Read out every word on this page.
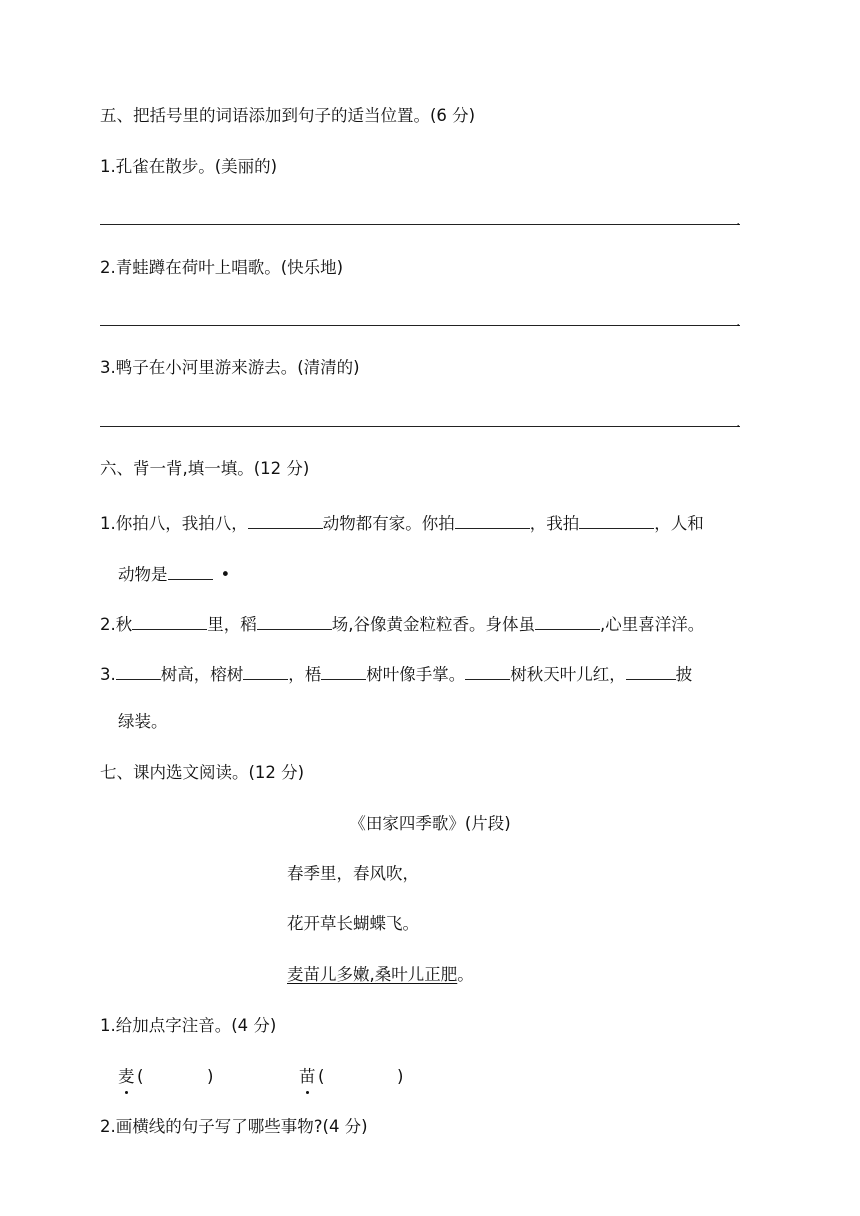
五、把括号里的词语添加到句子的适当位置。(6 分)
1.孔雀在散步。(美丽的)
.
2.青蛙蹲在荷叶上唱歌。(快乐地)
.
3.鸭子在小河里游来游去。(清清的)
.
六、背一背,填一填。(12 分)
1.你拍八，我拍八，	动物都有家。你拍	，我拍	，人和
动物是	•
2.秋	里，稻	场,谷像黄金粒粒香。身体虽	,心里喜洋洋。
3.	树高，榕树	，梧	树叶像手掌。	树秋天叶儿红，	披
绿装。
七、课内选文阅读。(12 分)
《田家四季歌》(片段)
春季里，春风吹，
花开草长蝴蝶飞。
麦苗儿多嫩,桑叶儿正肥。
1.给加点字注音。(4 分)
麦 (	)	苗 (	)
2.画横线的句子写了哪些事物?(4 分)
